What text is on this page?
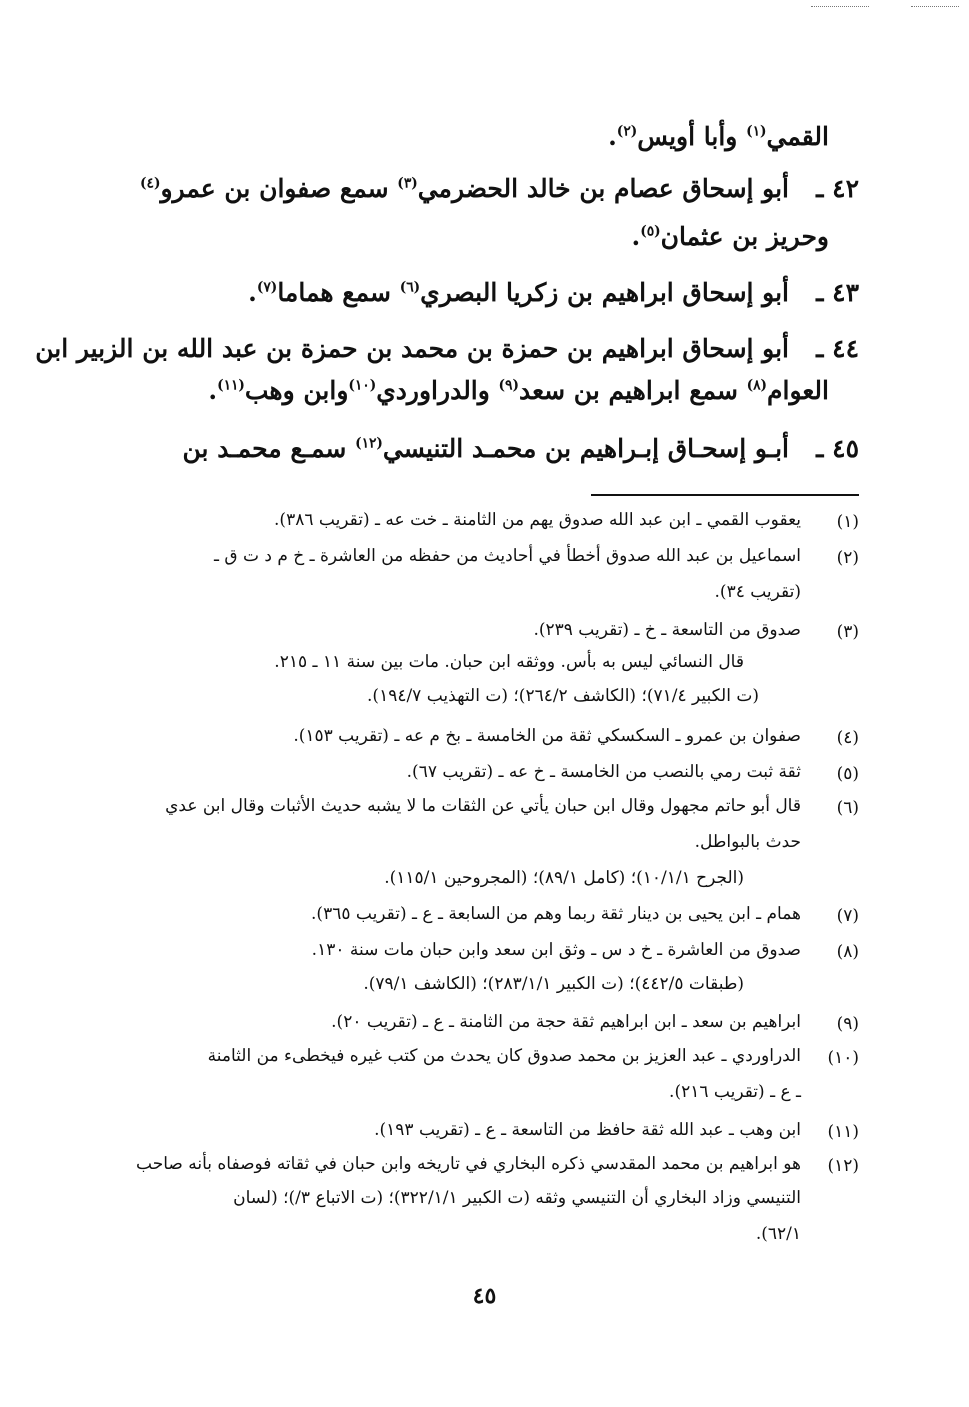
القمي$^{(١)}$ وأبا أويس$^{(٢)}$.
٤٢ ـأبو إسحاق عصام بن خالد الحضرمي$^{(٣)}$ سمع صفوان بن عمرو$^{(٤)}$
وحريز بن عثمان$^{(٥)}$.
٤٣ ـأبو إسحاق ابراهيم بن زكريا البصري$^{(٦)}$ سمع هماما$^{(٧)}$.
٤٤ ـأبو إسحاق ابراهيم بن حمزة بن محمد بن حمزة بن عبد الله بن الزبير ابن
العوام$^{(٨)}$ سمع ابراهيم بن سعد$^{(٩)}$ والدراوردي$^{(١٠)}$وابن وهب$^{(١١)}$.
٤٥ ـأبـو إسحـاق إبـراهيم بن محمـد التنيسي$^{(١٢)}$ سمـع محمـد بن
(١)
يعقوب القمي ـ ابن عبد الله صدوق يهم من الثامنة ـ خت عه ـ (تقريب ٣٨٦).
(٢)
اسماعيل بن عبد الله صدوق أخطأ في أحاديث من حفظه من العاشرة ـ خ م د ت ق ـ
(تقريب ٣٤).
(٣)
صدوق من التاسعة ـ خ ـ (تقريب ٢٣٩).
قال النسائي ليس به بأس. ووثقه ابن حبان. مات بين سنة ١١ ـ ٢١٥.
(ت الكبير ٧١/٤)؛ (الكاشف ٢٦٤/٢)؛ (ت التهذيب ١٩٤/٧).
(٤)
صفوان بن عمرو ـ السكسكي ثقة من الخامسة ـ بخ م عه ـ (تقريب ١٥٣).
(٥)
ثقة ثبت رمي بالنصب من الخامسة ـ خ عه ـ (تقريب ٦٧).
(٦)
قال أبو حاتم مجهول وقال ابن حبان يأتي عن الثقات ما لا يشبه حديث الأثبات وقال ابن عدي
حدث بالبواطل.
(الجرح ١٠/١/١)؛ (كامل ٨٩/١)؛ (المجروحين ١١٥/١).
(٧)
همام ـ ابن يحيى بن دينار ثقة ربما وهم من السابعة ـ ع ـ (تقريب ٣٦٥).
(٨)
صدوق من العاشرة ـ خ د س ـ وثق ابن سعد وابن حبان مات سنة ١٣٠.
(طبقات ٤٤٢/٥)؛ (ت الكبير ٢٨٣/١/١)؛ (الكاشف ٧٩/١).
(٩)
ابراهيم بن سعد ـ ابن ابراهيم ثقة حجة من الثامنة ـ ع ـ (تقريب ٢٠).
(١٠)
الدراوردي ـ عبد العزيز بن محمد صدوق كان يحدث من كتب غيره فيخطىء من الثامنة
ـ ع ـ (تقريب ٢١٦).
(١١)
ابن وهب ـ عبد الله ثقة حافظ من التاسعة ـ ع ـ (تقريب ١٩٣).
(١٢)
هو ابراهيم بن محمد المقدسي ذكره البخاري في تاريخه وابن حبان في ثقاته فوصفاه بأنه صاحب
التنيسي وزاد البخاري أن التنيسي وثقه (ت الكبير ٣٢٢/١/١)؛ (ت الاتباع ٣/)؛ (لسان
٦٢/١).
٤٥
